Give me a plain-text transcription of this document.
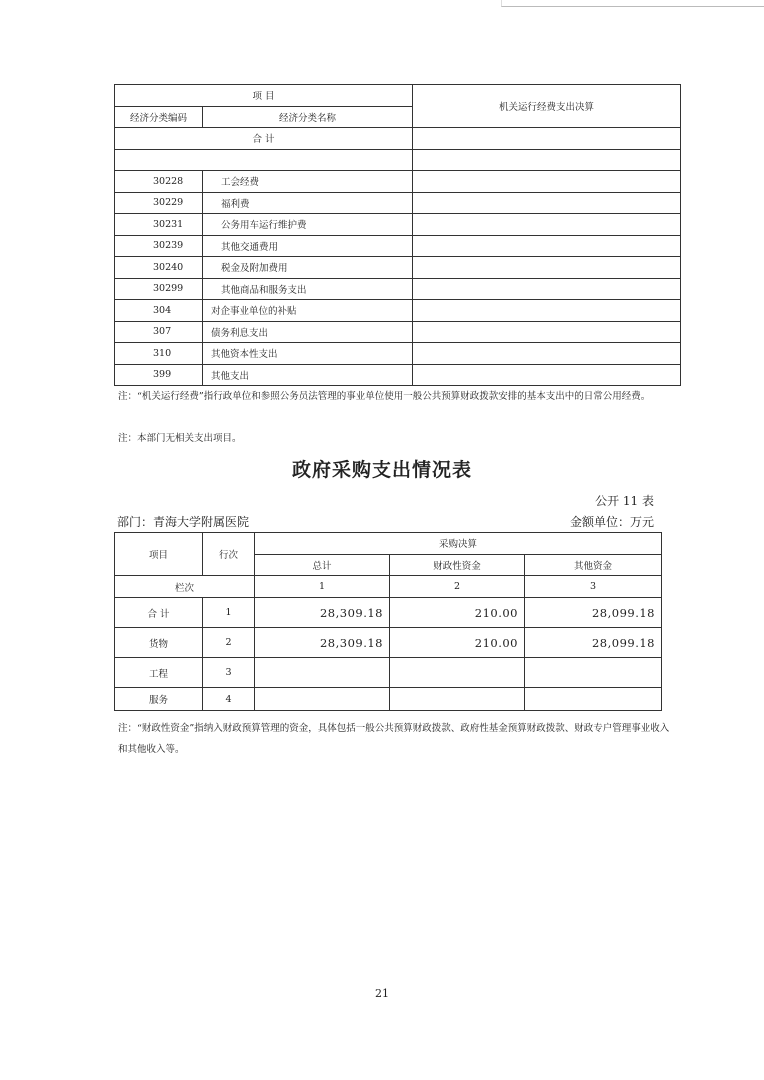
项 目		机关运行经费支出决算
经济分类编码	经济分类名称	
合 计		

30228	工会经费	
30229	福利费	
30231	公务用车运行维护费	
30239	其他交通费用	
30240	税金及附加费用	
30299	其他商品和服务支出	
304	对企事业单位的补贴	
307	债务利息支出	
310	其他资本性支出	
399	其他支出	
注：“机关运行经费”指行政单位和参照公务员法管理的事业单位使用一般公共预算财政拨款安排的基本支出中的日常公用经费。
注：本部门无相关支出项目。
政府采购支出情况表
公开 11 表
部门：青海大学附属医院	金额单位：万元
项目	行次	采购决算		
		总计	财政性资金	其他资金
栏次		1	2	3
合 计	1	28,309.18	210.00	28,099.18
货物	2	28,309.18	210.00	28,099.18
工程	3			
服务	4			
注：“财政性资金”指纳入财政预算管理的资金，具体包括一般公共预算财政拨款、政府性基金预算财政拨款、财政专户管理事业收入和其他收入等。
21
